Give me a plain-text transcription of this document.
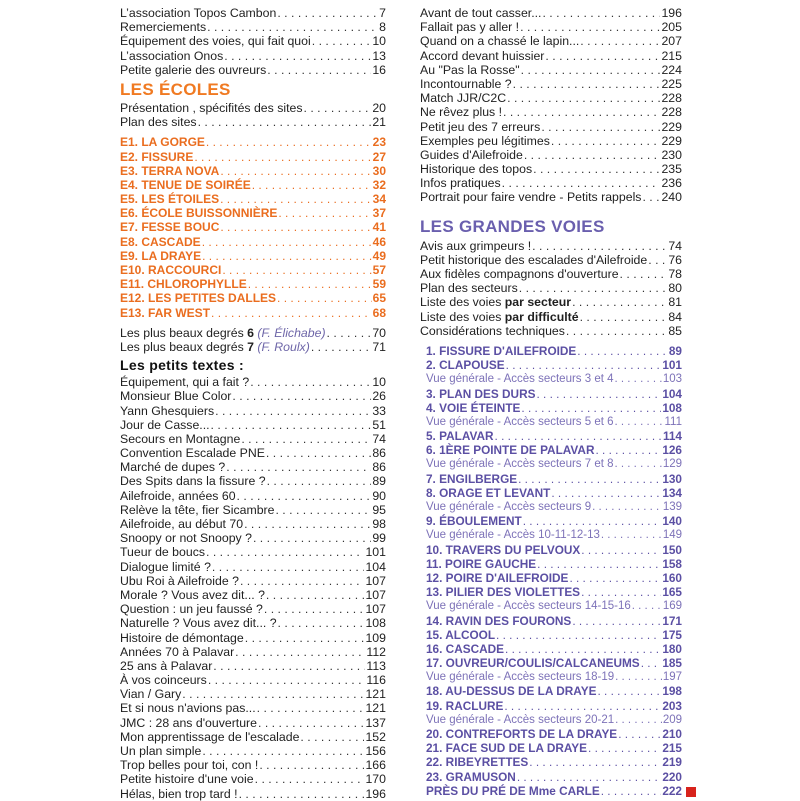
L’association Topos Cambon . . .	7
Remerciements . . .	8
Équipement des voies, qui fait quoi . . .	10
L’association Onos . . .	13
Petite galerie des ouvreurs . . .	16
LES ÉCOLES
Présentation , spécifités des sites . . .	20
Plan des sites . . .	21
E1. LA GORGE . . .	23
E2. FISSURE . . .	27
E3. TERRA NOVA . . .	30
E4. TENUE DE SOIRÉE . . .	32
E5. LES ÉTOILES . . .	34
E6. ÉCOLE BUISSONNIÈRE . . .	37
E7. FESSE BOUC . . .	41
E8. CASCADE . . .	46
E9. LA DRAYE . . .	49
E10. RACCOURCI . . .	57
E11. CHLOROPHYLLE . . .	59
E12. LES PETITES DALLES . . .	65
E13. FAR WEST . . .	68
Les plus beaux degrés 6 (F. Élichabe) . . .	70
Les plus beaux degrés 7 (F. Roulx) . . .	71
Les petits textes :
Équipement, qui a fait ? . . .	10
Monsieur Blue Color . . .	26
Yann Ghesquiers . . .	33
Jour de Casse... . . .	51
Secours en Montagne . . .	74
Convention Escalade PNE . . .	86
Marché de dupes ? . . .	86
Des Spits dans la fissure ? . . .	89
Ailefroide, années 60 . . .	90
Relève la tête, fier Sicambre . . .	95
Ailefroide, au début 70 . . .	98
Snoopy or not Snoopy ? . . .	99
Tueur de boucs . . .	101
Dialogue limité ? . . .	104
Ubu Roi à Ailefroide ? . . .	107
Morale ? Vous avez dit... ? . . .	107
Question : un jeu faussé ? . . .	107
Naturelle ? Vous avez dit... ? . . .	108
Histoire de démontage . . .	109
Années 70 à Palavar . . .	112
25 ans à Palavar . . .	113
À vos coinceurs . . .	116
Vian / Gary . . .	121
Et si nous n'avions pas... . . .	121
JMC : 28 ans d'ouverture . . .	137
Mon apprentissage de l'escalade . . .	152
Un plan simple . . .	156
Trop belles pour toi, con ! . . .	166
Petite histoire d'une voie . . .	170
Hélas, bien trop tard ! . . .	196
Avant de tout casser... . . .	196
Fallait pas y aller ! . . .	205
Quand on a chassé le lapin... . . .	207
Accord devant huissier . . .	215
Au "Pas la Rosse" . . .	224
Incontournable ? . . .	225
Match JJR/C2C . . .	228
Ne rêvez plus ! . . .	228
Petit jeu des 7 erreurs . . .	229
Exemples peu légitimes . . .	229
Guides d'Ailefroide . . .	230
Historique des topos . . .	235
Infos pratiques . . .	236
Portrait pour faire vendre - Petits rappels . . . 240
LES GRANDES VOIES
Avis aux grimpeurs ! . . .	74
Petit historique des escalades d'Ailefroide . . . 76
Aux fidèles compagnons d'ouverture . . .	78
Plan des secteurs . . .	80
Liste des voies par secteur . . .	81
Liste des voies par difficulté . . .	84
Considérations techniques . . .	85
1. FISSURE D'AILEFROIDE . . .	89
2. CLAPOUSE . . .	101
Vue générale - Accès secteurs 3 et 4 . . .	103
3. PLAN DES DURS . . .	104
4. VOIE ÉTEINTE . . .	108
Vue générale - Accès secteurs 5 et 6 . . .	111
5. PALAVAR . . .	114
6. 1ÈRE POINTE DE PALAVAR . . .	126
Vue générale - Accès secteurs 7 et 8 . . .	129
7. ENGILBERGE . . .	130
8. ORAGE ET LEVANT . . .	134
Vue générale - Accès secteurs 9 . . .	139
9. ÉBOULEMENT . . .	140
Vue générale - Accès 10-11-12-13 . . .	149
10. TRAVERS DU PELVOUX . . .	150
11. POIRE GAUCHE . . .	158
12. POIRE D'AILEFROIDE . . .	160
13. PILIER DES VIOLETTES . . .	165
Vue générale - Accès secteurs 14-15-16 . . .	169
14. RAVIN DES FOURONS . . .	171
15. ALCOOL . . .	175
16. CASCADE . . .	180
17. OUVREUR/COULIS/CALCANEUMS . . . 185
Vue générale - Accès secteurs 18-19 . . .	197
18. AU-DESSUS DE LA DRAYE . . .	198
19. RACLURE . . .	203
Vue générale - Accès secteurs 20-21 . . .	209
20. CONTREFORTS DE LA DRAYE . . .	210
21. FACE SUD DE LA DRAYE . . .	215
22. RIBEYRETTES . . .	219
23. GRAMUSON . . .	220
PRÈS DU PRÉ DE Mme CARLE . . .	222
